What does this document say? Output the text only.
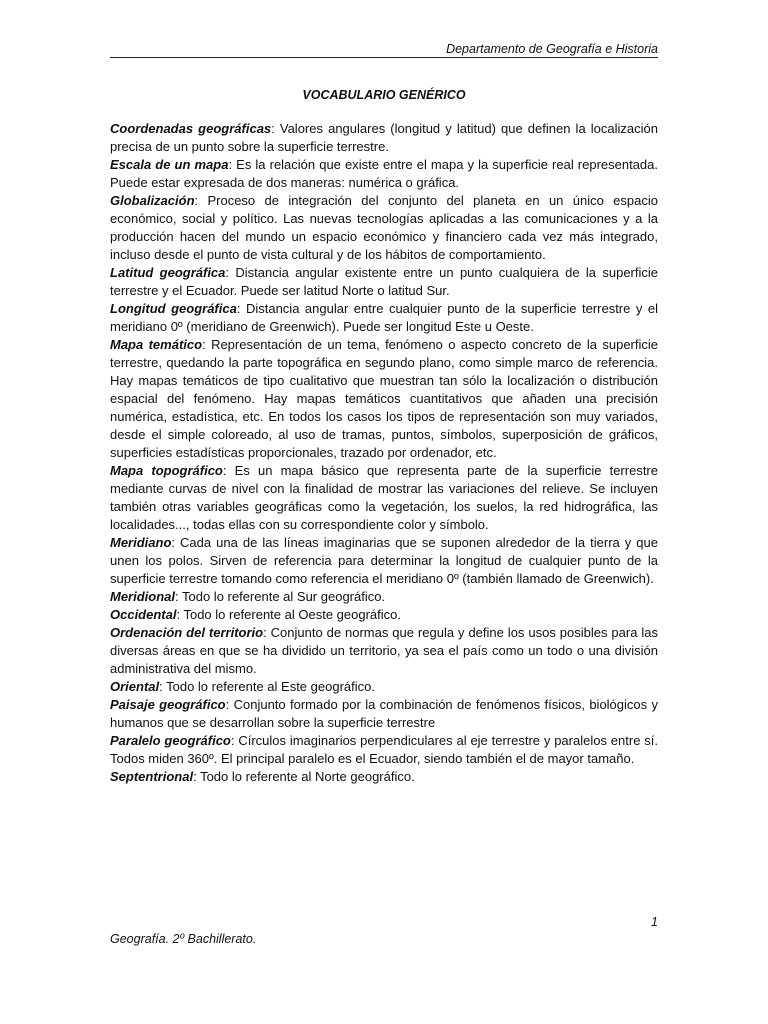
Departamento de Geografía e Historia
VOCABULARIO GENÉRICO

Coordenadas geográficas: Valores angulares (longitud y latitud) que definen la localización precisa de un punto sobre la superficie terrestre.

Escala de un mapa: Es la relación que existe entre el mapa y la superficie real representada. Puede estar expresada de dos maneras: numérica o gráfica.

Globalización: Proceso de integración del conjunto del planeta en un único espacio económico, social y político. Las nuevas tecnologías aplicadas a las comunicaciones y a la producción hacen del mundo un espacio económico y financiero cada vez más integrado, incluso desde el punto de vista cultural y de los hábitos de comportamiento.

Latitud geográfica: Distancia angular existente entre un punto cualquiera de la superficie terrestre y el Ecuador. Puede ser latitud Norte o latitud Sur.

Longitud geográfica: Distancia angular entre cualquier punto de la superficie terrestre y el meridiano 0º (meridiano de Greenwich). Puede ser longitud Este u Oeste.

Mapa temático: Representación de un tema, fenómeno o aspecto concreto de la superficie terrestre, quedando la parte topográfica en segundo plano, como simple marco de referencia. Hay mapas temáticos de tipo cualitativo que muestran tan sólo la localización o distribución espacial del fenómeno. Hay mapas temáticos cuantitativos que añaden una precisión numérica, estadística, etc. En todos los casos los tipos de representación son muy variados, desde el simple coloreado, al uso de tramas, puntos, símbolos, superposición de gráficos, superficies estadísticas proporcionales, trazado por ordenador, etc.

Mapa topográfico: Es un mapa básico que representa parte de la superficie terrestre mediante curvas de nivel con la finalidad de mostrar las variaciones del relieve. Se incluyen también otras variables geográficas como la vegetación, los suelos, la red hidrográfica, las localidades..., todas ellas con su correspondiente color y símbolo.

Meridiano: Cada una de las líneas imaginarias que se suponen alrededor de la tierra y que unen los polos. Sirven de referencia para determinar la longitud de cualquier punto de la superficie terrestre tomando como referencia el meridiano 0º (también llamado de Greenwich).

Meridional: Todo lo referente al Sur geográfico.

Occidental: Todo lo referente al Oeste geográfico.

Ordenación del territorio: Conjunto de normas que regula y define los usos posibles para las diversas áreas en que se ha dividido un territorio, ya sea el país como un todo o una división administrativa del mismo.

Oriental: Todo lo referente al Este geográfico.

Paisaje geográfico: Conjunto formado por la combinación de fenómenos físicos, biológicos y humanos que se desarrollan sobre la superficie terrestre

Paralelo geográfico: Círculos imaginarios perpendiculares al eje terrestre y paralelos entre sí. Todos miden 360º. El principal paralelo es el Ecuador, siendo también el de mayor tamaño.

Septentrional: Todo lo referente al Norte geográfico.

1
Geografía. 2º Bachillerato.
